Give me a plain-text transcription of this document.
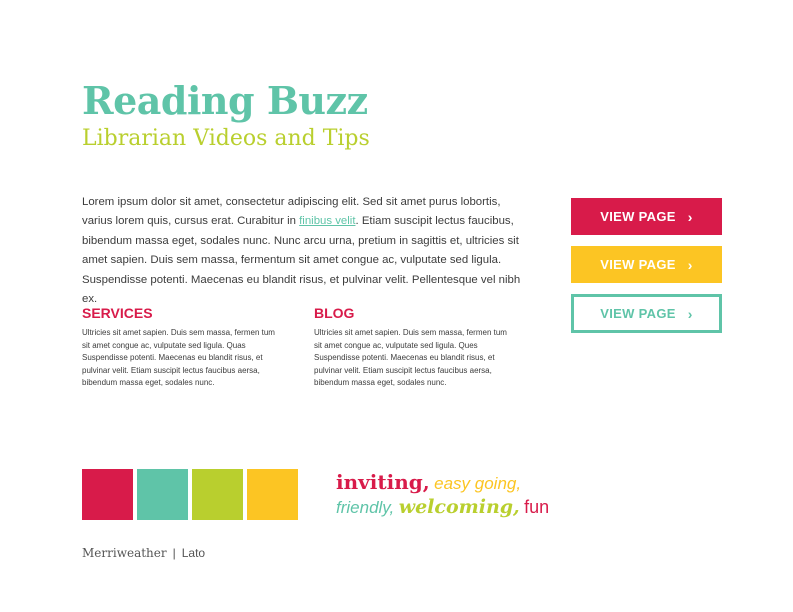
Reading Buzz
Librarian Videos and Tips

Lorem ipsum dolor sit amet, consectetur adipiscing elit. Sed sit amet purus lobortis, varius lorem quis, cursus erat. Curabitur in finibus velit. Etiam suscipit lectus faucibus, bibendum massa eget, sodales nunc. Nunc arcu urna, pretium in sagittis et, ultricies sit amet sapien. Duis sem massa, fermentum sit amet congue ac, vulputate sed ligula. Suspendisse potenti. Maecenas eu blandit risus, et pulvinar velit. Pellentesque vel nibh ex.

SERVICES

Ultricies sit amet sapien. Duis sem massa, fermen tum sit amet congue ac, vulputate sed ligula. Quas Suspendisse potenti. Maecenas eu blandit risus, et pulvinar velit. Etiam suscipit lectus faucibus aersa, bibendum massa eget, sodales nunc.

BLOG

Ultricies sit amet sapien. Duis sem massa, fermen tum sit amet congue ac, vulputate sed ligula. Ques Suspendisse potenti. Maecenas eu blandit risus, et pulvinar velit. Etiam suscipit lectus faucibus aersa, bibendum massa eget, sodales nunc.

VIEW PAGE ›
VIEW PAGE ›
VIEW PAGE ›
inviting, easy going,
friendly, welcoming, fun
Merriweather | Lato
